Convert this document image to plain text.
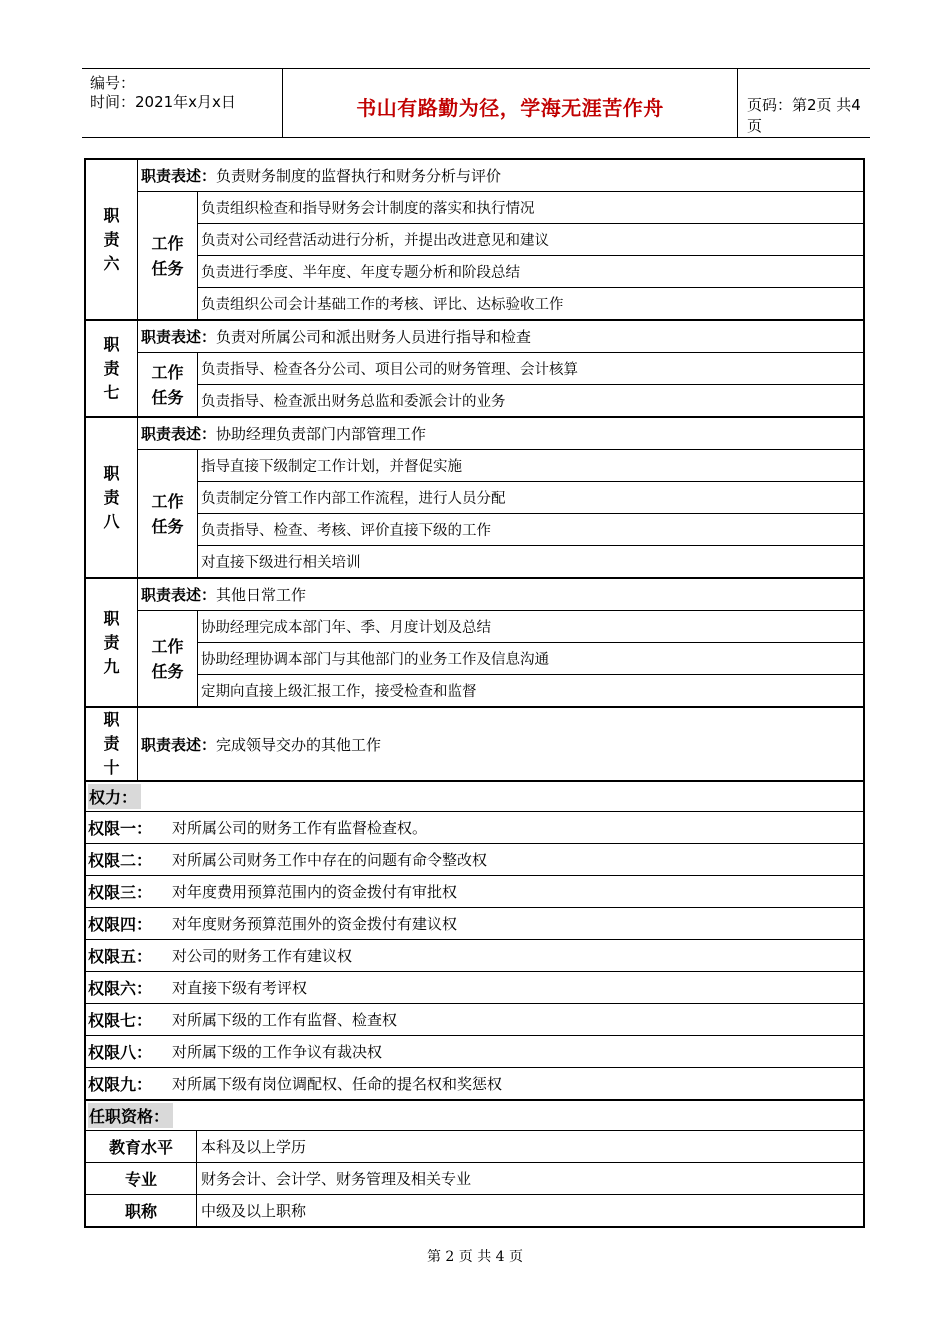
编号：
时间：2021年x月x日	书山有路勤为径，学海无涯苦作舟	页码：第2页 共4页
职责六
职责表述： 负责财务制度的监督执行和财务分析与评价
工作任务
负责组织检查和指导财务会计制度的落实和执行情况
负责对公司经营活动进行分析，并提出改进意见和建议
负责进行季度、半年度、年度专题分析和阶段总结
负责组织公司会计基础工作的考核、评比、达标验收工作
职责七
职责表述： 负责对所属公司和派出财务人员进行指导和检查
工作任务
负责指导、检查各分公司、项目公司的财务管理、会计核算
负责指导、检查派出财务总监和委派会计的业务
职责八
职责表述： 协助经理负责部门内部管理工作
工作任务
指导直接下级制定工作计划，并督促实施
负责制定分管工作内部工作流程，进行人员分配
负责指导、检查、考核、评价直接下级的工作
对直接下级进行相关培训
职责九
职责表述： 其他日常工作
工作任务
协助经理完成本部门年、季、月度计划及总结
协助经理协调本部门与其他部门的业务工作及信息沟通
定期向直接上级汇报工作，接受检查和监督
职责十
职责表述： 完成领导交办的其他工作
权力：
权限一：	对所属公司的财务工作有监督检查权。
权限二：	对所属公司财务工作中存在的问题有命令整改权
权限三：	对年度费用预算范围内的资金拨付有审批权
权限四：	对年度财务预算范围外的资金拨付有建议权
权限五：	对公司的财务工作有建议权
权限六：	对直接下级有考评权
权限七：	对所属下级的工作有监督、检查权
权限八：	对所属下级的工作争议有裁决权
权限九：	对所属下级有岗位调配权、任命的提名权和奖惩权
任职资格：
教育水平	本科及以上学历
专业	财务会计、会计学、财务管理及相关专业
职称	中级及以上职称
第 2 页 共 4 页
